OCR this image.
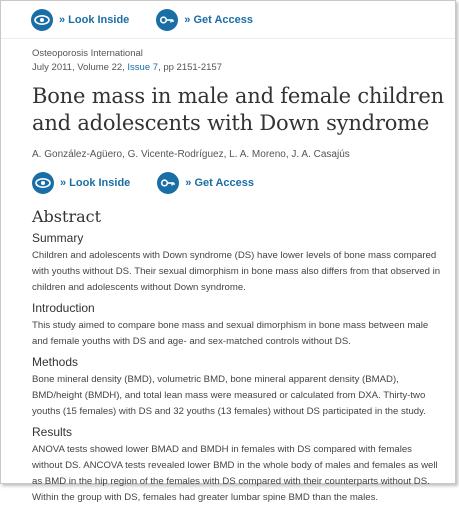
» Look Inside	» Get Access
Osteoporosis International
July 2011, Volume 22, Issue 7, pp 2151-2157
Bone mass in male and female children and adolescents with Down syndrome
A. González-Agüero, G. Vicente-Rodríguez, L. A. Moreno, J. A. Casajús
» Look Inside	» Get Access
Abstract
Summary
Children and adolescents with Down syndrome (DS) have lower levels of bone mass compared with youths without DS. Their sexual dimorphism in bone mass also differs from that observed in children and adolescents without Down syndrome.
Introduction
This study aimed to compare bone mass and sexual dimorphism in bone mass between male and female youths with DS and age- and sex-matched controls without DS.
Methods
Bone mineral density (BMD), volumetric BMD, bone mineral apparent density (BMAD), BMD/height (BMDH), and total lean mass were measured or calculated from DXA. Thirty-two youths (15 females) with DS and 32 youths (13 females) without DS participated in the study.
Results
ANOVA tests showed lower BMAD and BMDH in females with DS compared with females without DS. ANCOVA tests revealed lower BMD in the whole body of males and females as well as BMD in the hip region of the females with DS compared with their counterparts without DS. Within the group with DS, females had greater lumbar spine BMD than the males.
